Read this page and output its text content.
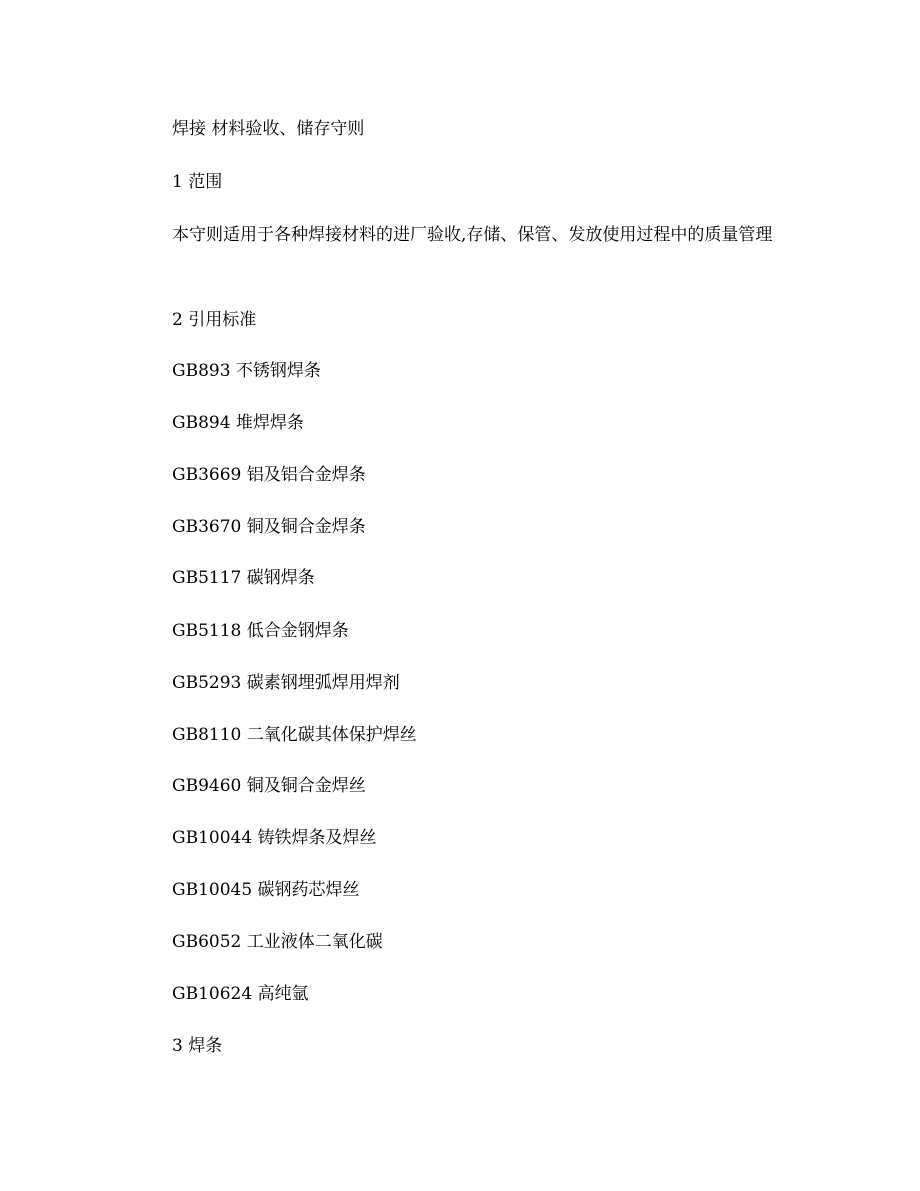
焊接 材料验收、储存守则
1 范围
本守则适用于各种焊接材料的进厂验收,存储、保管、发放使用过程中的质量管理
2 引用标准
GB893 不锈钢焊条
GB894 堆焊焊条
GB3669 铝及铝合金焊条
GB3670 铜及铜合金焊条
GB5117 碳钢焊条
GB5118 低合金钢焊条
GB5293 碳素钢埋弧焊用焊剂
GB8110 二氧化碳其体保护焊丝
GB9460 铜及铜合金焊丝
GB10044 铸铁焊条及焊丝
GB10045 碳钢药芯焊丝
GB6052 工业液体二氧化碳
GB10624 高纯氩
3 焊条
